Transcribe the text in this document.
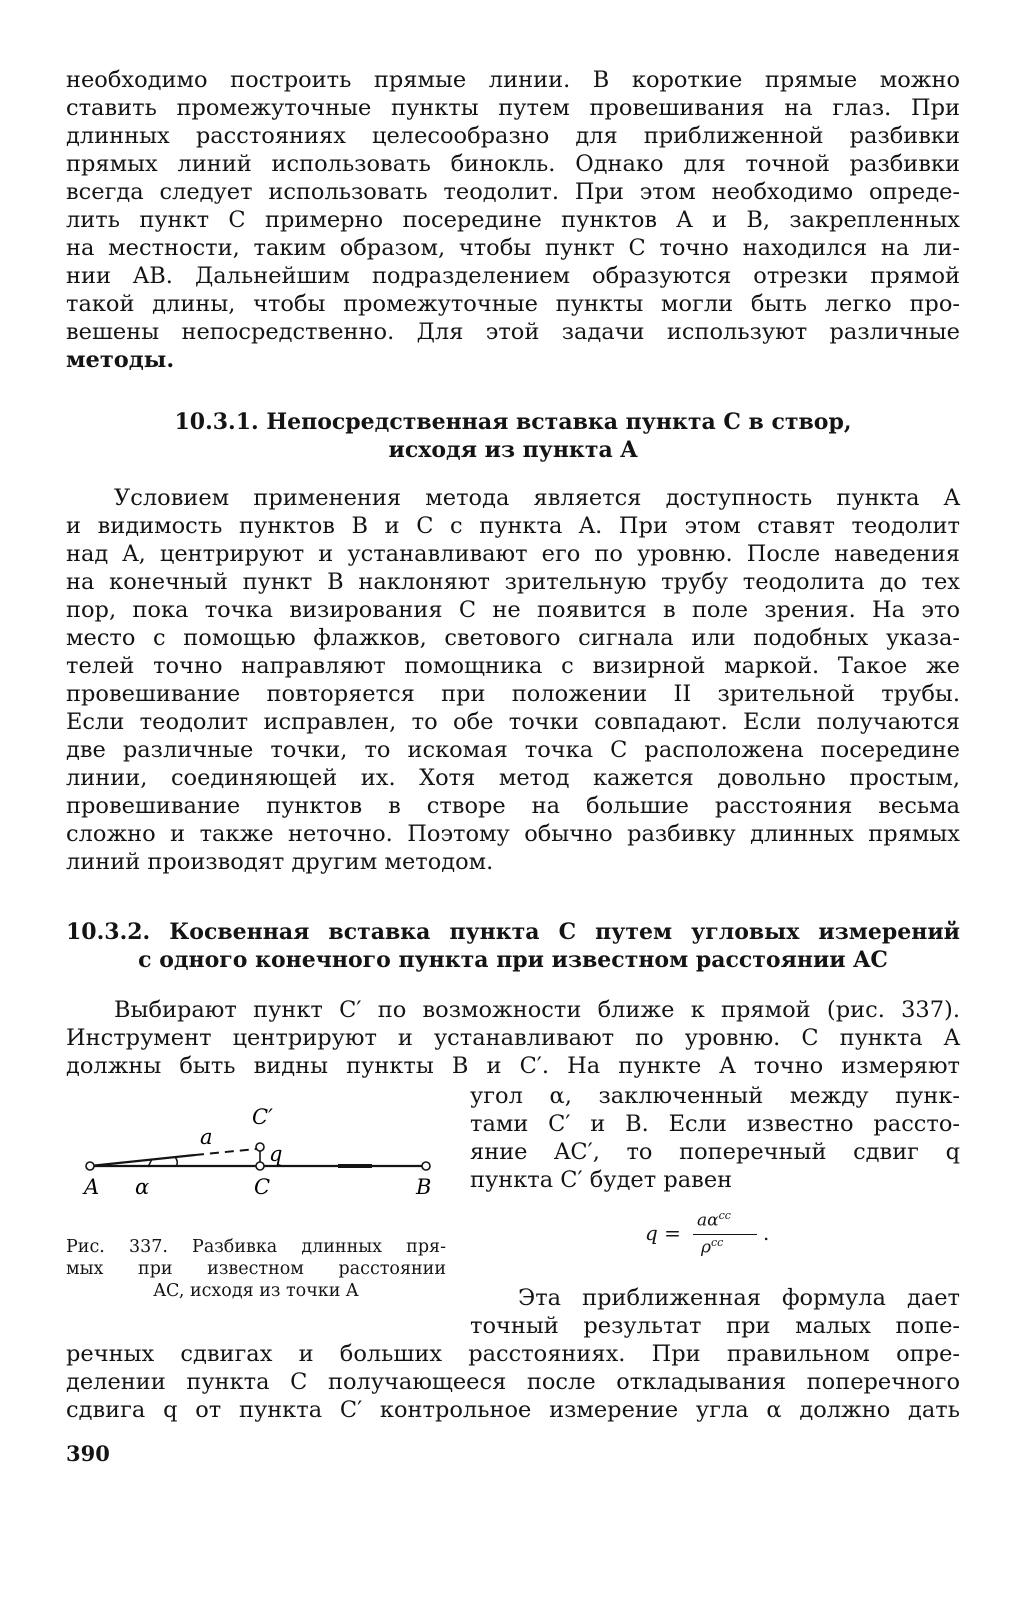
необходимо построить прямые линии. В короткие прямые можно
ставить промежуточные пункты путем провешивания на глаз. При
длинных расстояниях целесообразно для приближенной разбивки
прямых линий использовать бинокль. Однако для точной разбивки
всегда следует использовать теодолит. При этом необходимо опреде-
лить пункт C примерно посередине пунктов A и B, закрепленных
на местности, таким образом, чтобы пункт C точно находился на ли-
нии AB. Дальнейшим подразделением образуются отрезки прямой
такой длины, чтобы промежуточные пункты могли быть легко про-
вешены непосредственно. Для этой задачи используют различные
методы.
10.3.1. Непосредственная вставка пункта C в створ,
исходя из пункта A
Условием применения метода является доступность пункта A
и видимость пунктов B и C с пункта A. При этом ставят теодолит
над A, центрируют и устанавливают его по уровню. После наведения
на конечный пункт B наклоняют зрительную трубу теодолита до тех
пор, пока точка визирования C не появится в поле зрения. На это
место с помощью флажков, светового сигнала или подобных указа-
телей точно направляют помощника с визирной маркой. Такое же
провешивание повторяется при положении II зрительной трубы.
Если теодолит исправлен, то обе точки совпадают. Если получаются
две различные точки, то искомая точка C расположена посередине
линии, соединяющей их. Хотя метод кажется довольно простым,
провешивание пунктов в створе на большие расстояния весьма
сложно и также неточно. Поэтому обычно разбивку длинных прямых
линий производят другим методом.
10.3.2. Косвенная вставка пункта C путем угловых измерений
с одного конечного пункта при известном расстоянии AC
Выбирают пункт C′ по возможности ближе к прямой (рис. 337).
Инструмент центрируют и устанавливают по уровню. С пункта A
должны быть видны пункты B и C′. На пункте A точно измеряют
угол α, заключенный между пунк-
тами C′ и B. Если известно рассто-
яние AC′, то поперечный сдвиг q
пункта C′ будет равен
A α	C	B
a
C′
q
Рис. 337. Разбивка длинных пря-
мых при известном расстоянии
AC, исходя из точки A
q =
$a\alpha^{cc}$
$\rho^{cc}$ .
Эта приближенная формула дает
точный результат при малых попе-
речных сдвигах и больших расстояниях. При правильном опре-
делении пункта C получающееся после откладывания поперечного
сдвига q от пункта C′ контрольное измерение угла α должно дать
390
